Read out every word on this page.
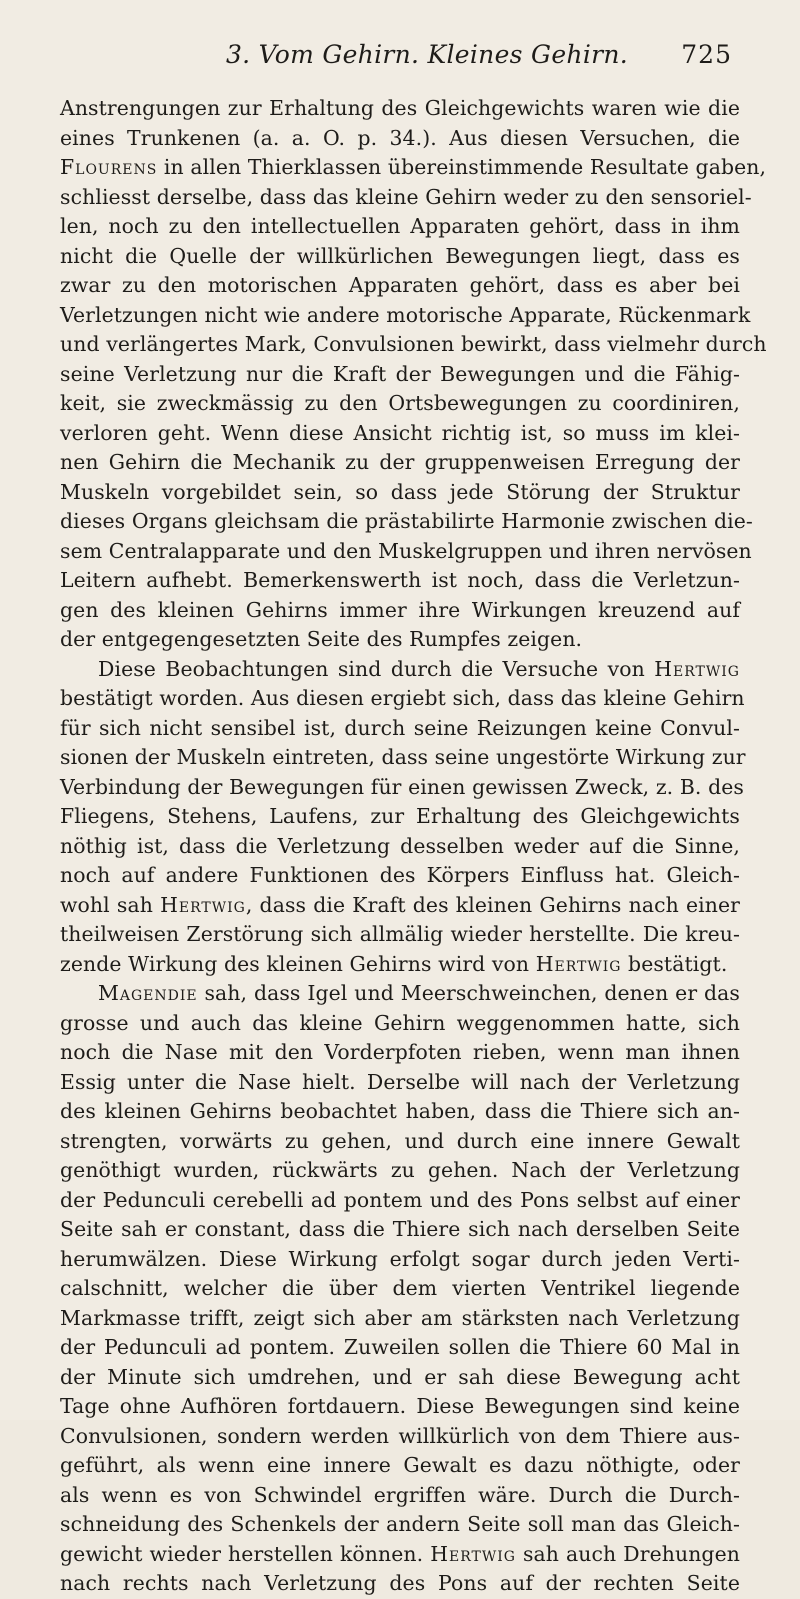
3. Vom Gehirn. Kleines Gehirn.	725
Anstrengungen zur Erhaltung des Gleichgewichts waren wie die
eines Trunkenen (a. a. O. p. 34.). Aus diesen Versuchen, die
Flourens in allen Thierklassen übereinstimmende Resultate gaben,
schliesst derselbe, dass das kleine Gehirn weder zu den sensoriel-
len, noch zu den intellectuellen Apparaten gehört, dass in ihm
nicht die Quelle der willkürlichen Bewegungen liegt, dass es
zwar zu den motorischen Apparaten gehört, dass es aber bei
Verletzungen nicht wie andere motorische Apparate, Rückenmark
und verlängertes Mark, Convulsionen bewirkt, dass vielmehr durch
seine Verletzung nur die Kraft der Bewegungen und die Fähig-
keit, sie zweckmässig zu den Ortsbewegungen zu coordiniren,
verloren geht. Wenn diese Ansicht richtig ist, so muss im klei-
nen Gehirn die Mechanik zu der gruppenweisen Erregung der
Muskeln vorgebildet sein, so dass jede Störung der Struktur
dieses Organs gleichsam die prästabilirte Harmonie zwischen die-
sem Centralapparate und den Muskelgruppen und ihren nervösen
Leitern aufhebt. Bemerkenswerth ist noch, dass die Verletzun-
gen des kleinen Gehirns immer ihre Wirkungen kreuzend auf
der entgegengesetzten Seite des Rumpfes zeigen.
Diese Beobachtungen sind durch die Versuche von Hertwig
bestätigt worden. Aus diesen ergiebt sich, dass das kleine Gehirn
für sich nicht sensibel ist, durch seine Reizungen keine Convul-
sionen der Muskeln eintreten, dass seine ungestörte Wirkung zur
Verbindung der Bewegungen für einen gewissen Zweck, z. B. des
Fliegens, Stehens, Laufens, zur Erhaltung des Gleichgewichts
nöthig ist, dass die Verletzung desselben weder auf die Sinne,
noch auf andere Funktionen des Körpers Einfluss hat. Gleich-
wohl sah Hertwig, dass die Kraft des kleinen Gehirns nach einer
theilweisen Zerstörung sich allmälig wieder herstellte. Die kreu-
zende Wirkung des kleinen Gehirns wird von Hertwig bestätigt.
Magendie sah, dass Igel und Meerschweinchen, denen er das
grosse und auch das kleine Gehirn weggenommen hatte, sich
noch die Nase mit den Vorderpfoten rieben, wenn man ihnen
Essig unter die Nase hielt. Derselbe will nach der Verletzung
des kleinen Gehirns beobachtet haben, dass die Thiere sich an-
strengten, vorwärts zu gehen, und durch eine innere Gewalt
genöthigt wurden, rückwärts zu gehen. Nach der Verletzung
der Pedunculi cerebelli ad pontem und des Pons selbst auf einer
Seite sah er constant, dass die Thiere sich nach derselben Seite
herumwälzen. Diese Wirkung erfolgt sogar durch jeden Verti-
calschnitt, welcher die über dem vierten Ventrikel liegende
Markmasse trifft, zeigt sich aber am stärksten nach Verletzung
der Pedunculi ad pontem. Zuweilen sollen die Thiere 60 Mal in
der Minute sich umdrehen, und er sah diese Bewegung acht
Tage ohne Aufhören fortdauern. Diese Bewegungen sind keine
Convulsionen, sondern werden willkürlich von dem Thiere aus-
geführt, als wenn eine innere Gewalt es dazu nöthigte, oder
als wenn es von Schwindel ergriffen wäre. Durch die Durch-
schneidung des Schenkels der andern Seite soll man das Gleich-
gewicht wieder herstellen können. Hertwig sah auch Drehungen
nach rechts nach Verletzung des Pons auf der rechten Seite
